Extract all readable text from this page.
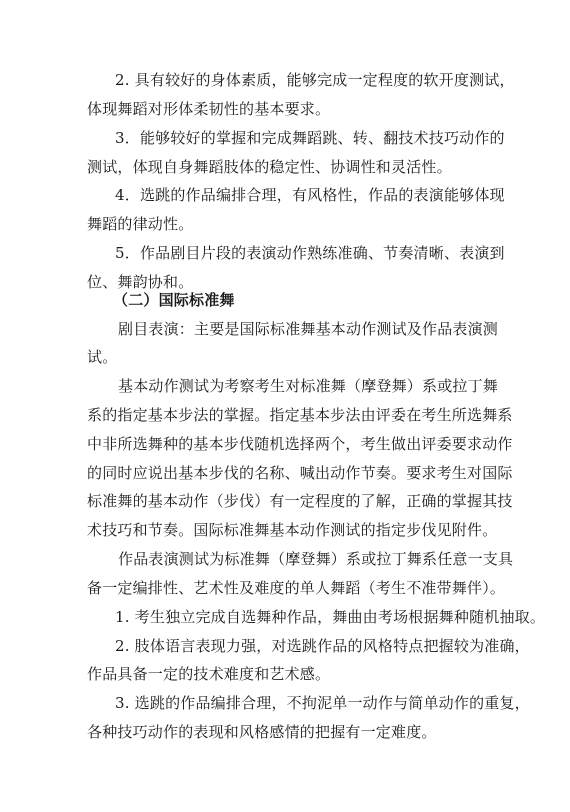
2. 具有较好的身体素质，能够完成一定程度的软开度测试，
体现舞蹈对形体柔韧性的基本要求。
3．能够较好的掌握和完成舞蹈跳、转、翻技术技巧动作的
测试，体现自身舞蹈肢体的稳定性、协调性和灵活性。
4．选跳的作品编排合理，有风格性，作品的表演能够体现
舞蹈的律动性。
5．作品剧目片段的表演动作熟练准确、节奏清晰、表演到
位、舞韵协和。
（二）国际标准舞
剧目表演：主要是国际标准舞基本动作测试及作品表演测
试。
基本动作测试为考察考生对标准舞（摩登舞）系或拉丁舞
系的指定基本步法的掌握。指定基本步法由评委在考生所选舞系
中非所选舞种的基本步伐随机选择两个，考生做出评委要求动作
的同时应说出基本步伐的名称、喊出动作节奏。要求考生对国际
标准舞的基本动作（步伐）有一定程度的了解，正确的掌握其技
术技巧和节奏。国际标准舞基本动作测试的指定步伐见附件。
作品表演测试为标准舞（摩登舞）系或拉丁舞系任意一支具
备一定编排性、艺术性及难度的单人舞蹈（考生不准带舞伴）。
1. 考生独立完成自选舞种作品，舞曲由考场根据舞种随机抽取。
2. 肢体语言表现力强，对选跳作品的风格特点把握较为准确，
作品具备一定的技术难度和艺术感。
3. 选跳的作品编排合理，不拘泥单一动作与简单动作的重复，
各种技巧动作的表现和风格感情的把握有一定难度。
